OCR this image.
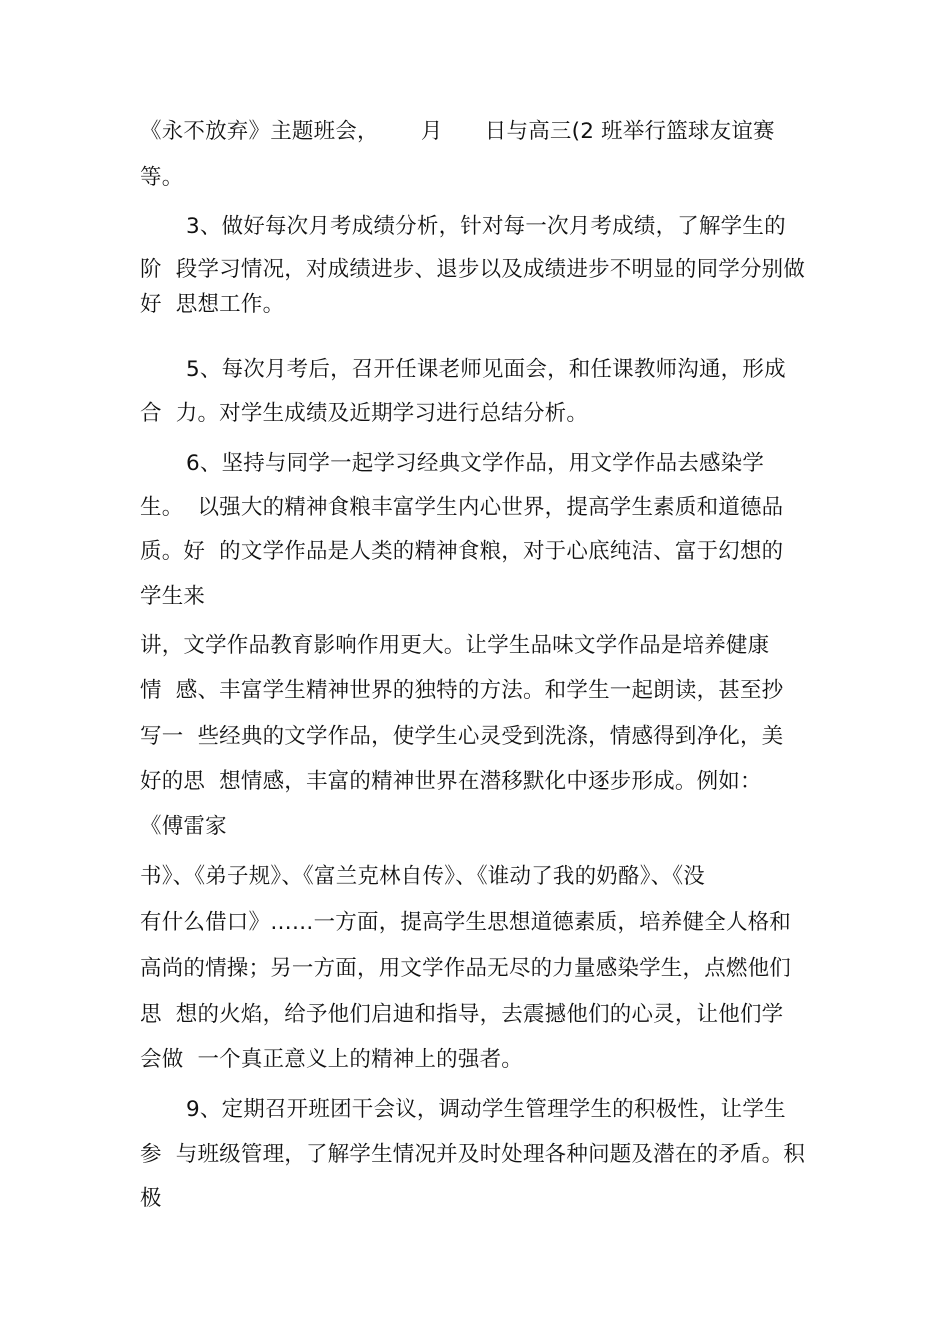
《永不放弃》主题班会，      月      日与高三(2 班举行篮球友谊赛
等。
3、做好每次月考成绩分析，针对每一次月考成绩，了解学生的
阶  段学习情况，对成绩进步、退步以及成绩进步不明显的同学分别做
好  思想工作。
5、每次月考后，召开任课老师见面会，和任课教师沟通，形成
合  力。对学生成绩及近期学习进行总结分析。
6、坚持与同学一起学习经典文学作品，用文学作品去感染学
生。  以强大的精神食粮丰富学生内心世界，提高学生素质和道德品
质。好  的文学作品是人类的精神食粮，对于心底纯洁、富于幻想的
学生来
讲，文学作品教育影响作用更大。让学生品味文学作品是培养健康
情  感、丰富学生精神世界的独特的方法。和学生一起朗读，甚至抄
写一  些经典的文学作品，使学生心灵受到洗涤，情感得到净化，美
好的思  想情感，丰富的精神世界在潜移默化中逐步形成。例如：
《傅雷家
书》、《弟子规》、《富兰克林自传》、《谁动了我的奶酪》、《没
有什么借口》……一方面，提高学生思想道德素质，培养健全人格和
高尚的情操；另一方面，用文学作品无尽的力量感染学生，点燃他们
思  想的火焰，给予他们启迪和指导，去震撼他们的心灵，让他们学
会做  一个真正意义上的精神上的强者。
9、定期召开班团干会议，调动学生管理学生的积极性，让学生
参  与班级管理，了解学生情况并及时处理各种问题及潜在的矛盾。积
极
